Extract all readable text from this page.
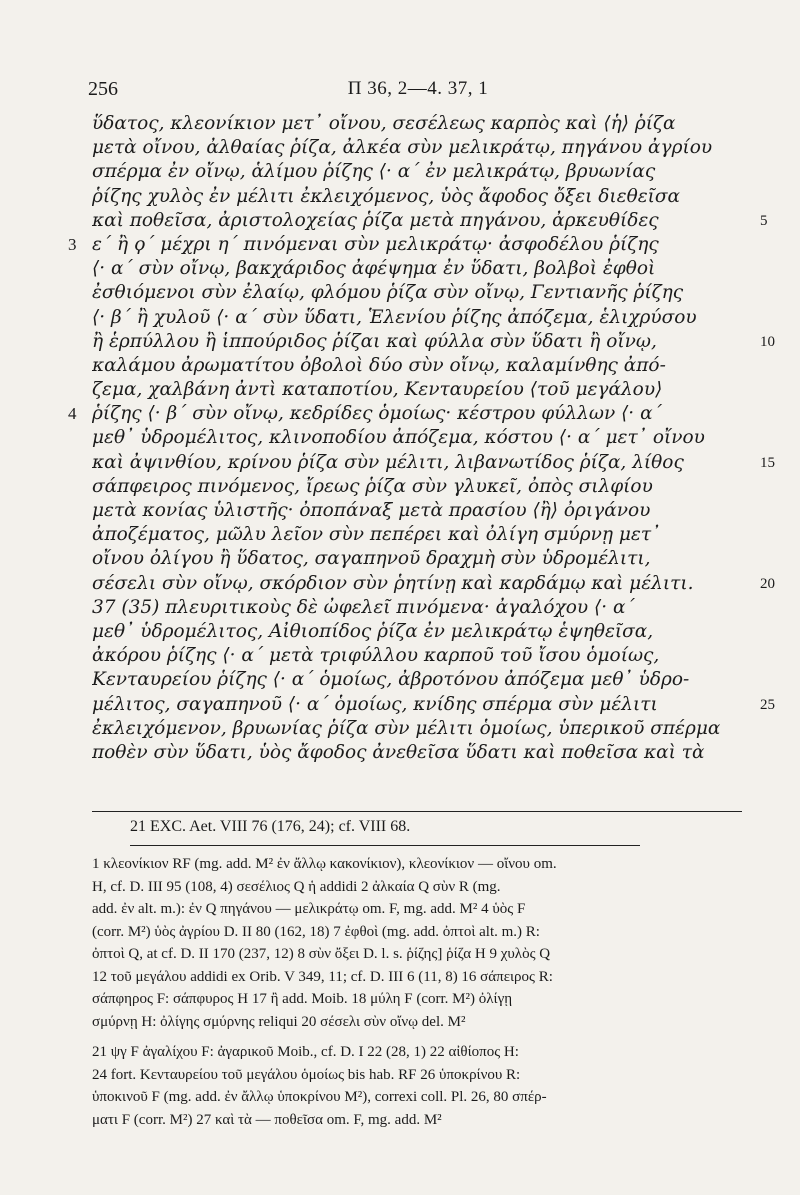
256	Π 36, 2—4. 37, 1
ὕδατος, κλεονίκιον μετ᾽ οἴνου, σεσέλεως καρπὸς καὶ ⟨ἡ⟩ ῥίζα
μετὰ οἴνου, ἀλθαίας ῥίζα, ἀλκέα σὺν μελικράτῳ, πηγάνου ἀγρίου
σπέρμα ἐν οἴνῳ, ἁλίμου ῥίζης ⟨· α΄ ἐν μελικράτῳ, βρυωνίας
ῥίζης χυλὸς ἐν μέλιτι ἐκλειχόμενος, ὑὸς ἄφοδος ὄξει διεθεῖσα
καὶ ποθεῖσα, ἀριστολοχείας ῥίζα μετὰ πηγάνου, ἀρκευθίδες	5
3 ε΄ ἢ ϙ΄ μέχρι η΄ πινόμεναι σὺν μελικράτῳ· ἀσφοδέλου ῥίζης
⟨· α΄ σὺν οἴνῳ, βακχάριδος ἀφέψημα ἐν ὕδατι, βολβοὶ ἐφθοὶ
ἐσθιόμενοι σὺν ἐλαίῳ, φλόμου ῥίζα σὺν οἴνῳ, Γεντιανῆς ῥίζης
⟨· β΄ ἢ χυλοῦ ⟨· α΄ σὺν ὕδατι, Ἑλενίου ῥίζης ἀπόζεμα, ἑλιχρύσου
ἢ ἑρπύλλου ἢ ἱππούριδος ῥίζαι καὶ φύλλα σὺν ὕδατι ἢ οἴνῳ,	10
καλάμου ἀρωματίτου ὀβολοὶ δύο σὺν οἴνῳ, καλαμίνθης ἀπό-
ζεμα, χαλβάνη ἀντὶ καταποτίου, Κενταυρείου ⟨τοῦ μεγάλου⟩
4 ῥίζης ⟨· β΄ σὺν οἴνῳ, κεδρίδες ὁμοίως· κέστρου φύλλων ⟨· α΄
μεθ᾽ ὑδρομέλιτος, κλινοποδίου ἀπόζεμα, κόστου ⟨· α΄ μετ᾽ οἴνου
καὶ ἀψινθίου, κρίνου ῥίζα σὺν μέλιτι, λιβανωτίδος ῥίζα, λίθος	15
σάπφειρος πινόμενος, ἴρεως ῥίζα σὺν γλυκεῖ, ὀπὸς σιλφίου
μετὰ κονίας ὑλιστῆς· ὀποπάναξ μετὰ πρασίου ⟨ἢ⟩ ὀριγάνου
ἀποζέματος, μῶλυ λεῖον σὺν πεπέρει καὶ ὀλίγη σμύρνῃ μετ᾽
οἴνου ὀλίγου ἢ ὕδατος, σαγαπηνοῦ δραχμὴ σὺν ὑδρομέλιτι,
σέσελι σὺν οἴνῳ, σκόρδιον σὺν ῥητίνῃ καὶ καρδάμῳ καὶ μέλιτι.	20
37 (35) πλευριτικοὺς δὲ ὠφελεῖ πινόμενα· ἀγαλόχου ⟨· α΄
μεθ᾽ ὑδρομέλιτος, Αἰθιοπίδος ῥίζα ἐν μελικράτῳ ἑψηθεῖσα,
ἀκόρου ῥίζης ⟨· α΄ μετὰ τριφύλλου καρποῦ τοῦ ἴσου ὁμοίως,
Κενταυρείου ῥίζης ⟨· α΄ ὁμοίως, ἀβροτόνου ἀπόζεμα μεθ᾽ ὑδρο-
μέλιτος, σαγαπηνοῦ ⟨· α΄ ὁμοίως, κνίδης σπέρμα σὺν μέλιτι	25
ἐκλειχόμενον, βρυωνίας ῥίζα σὺν μέλιτι ὁμοίως, ὑπερικοῦ σπέρμα
ποθὲν σὺν ὕδατι, ὑὸς ἄφοδος ἀνεθεῖσα ὕδατι καὶ ποθεῖσα καὶ τὰ
21 EXC. Aet. VIII 76 (176, 24); cf. VIII 68.
1 κλεονίκιον RF (mg. add. M² ἐν ἄλλῳ κακονίκιον), κλεονίκιον — οἴνου om.
H, cf. D. III 95 (108, 4) σεσέλιος Q ἡ addidi 2 ἀλκαία Q σὺν R (mg.
add. ἐν alt. m.): ἐν Q πηγάνου — μελικράτῳ om. F, mg. add. M² 4 ὑὸς F
(corr. M²) ὑὸς ἀγρίου D. II 80 (162, 18) 7 ἐφθοὶ (mg. add. ὀπτοὶ alt. m.) R:
ὀπτοὶ Q, at cf. D. II 170 (237, 12) 8 σὺν ὄξει D. l. s. ῥίζης] ῥίζα H 9 χυλὸς Q
12 τοῦ μεγάλου addidi ex Orib. V 349, 11; cf. D. III 6 (11, 8) 16 σάπειρος R:
σάπφηρος F: σάπφυρος H 17 ἢ add. Moib. 18 μύλη F (corr. M²) ὀλίγῃ
σμύρνῃ H: ὀλίγης σμύρνης reliqui 20 σέσελι σὺν οἴνῳ del. M²
21 ψγ F ἀγαλίχου F: ἀγαρικοῦ Moib., cf. D. I 22 (28, 1) 22 αἰθίοπος H:
24 fort. Κενταυρείου τοῦ μεγάλου ὁμοίως bis hab. RF 26 ὑποκρίνου R:
ὑποκινοῦ F (mg. add. ἐν ἄλλῳ ὑποκρίνου M²), correxi coll. Pl. 26, 80 σπέρ-
ματι F (corr. M²) 27 καὶ τὰ — ποθεῖσα om. F, mg. add. M²
